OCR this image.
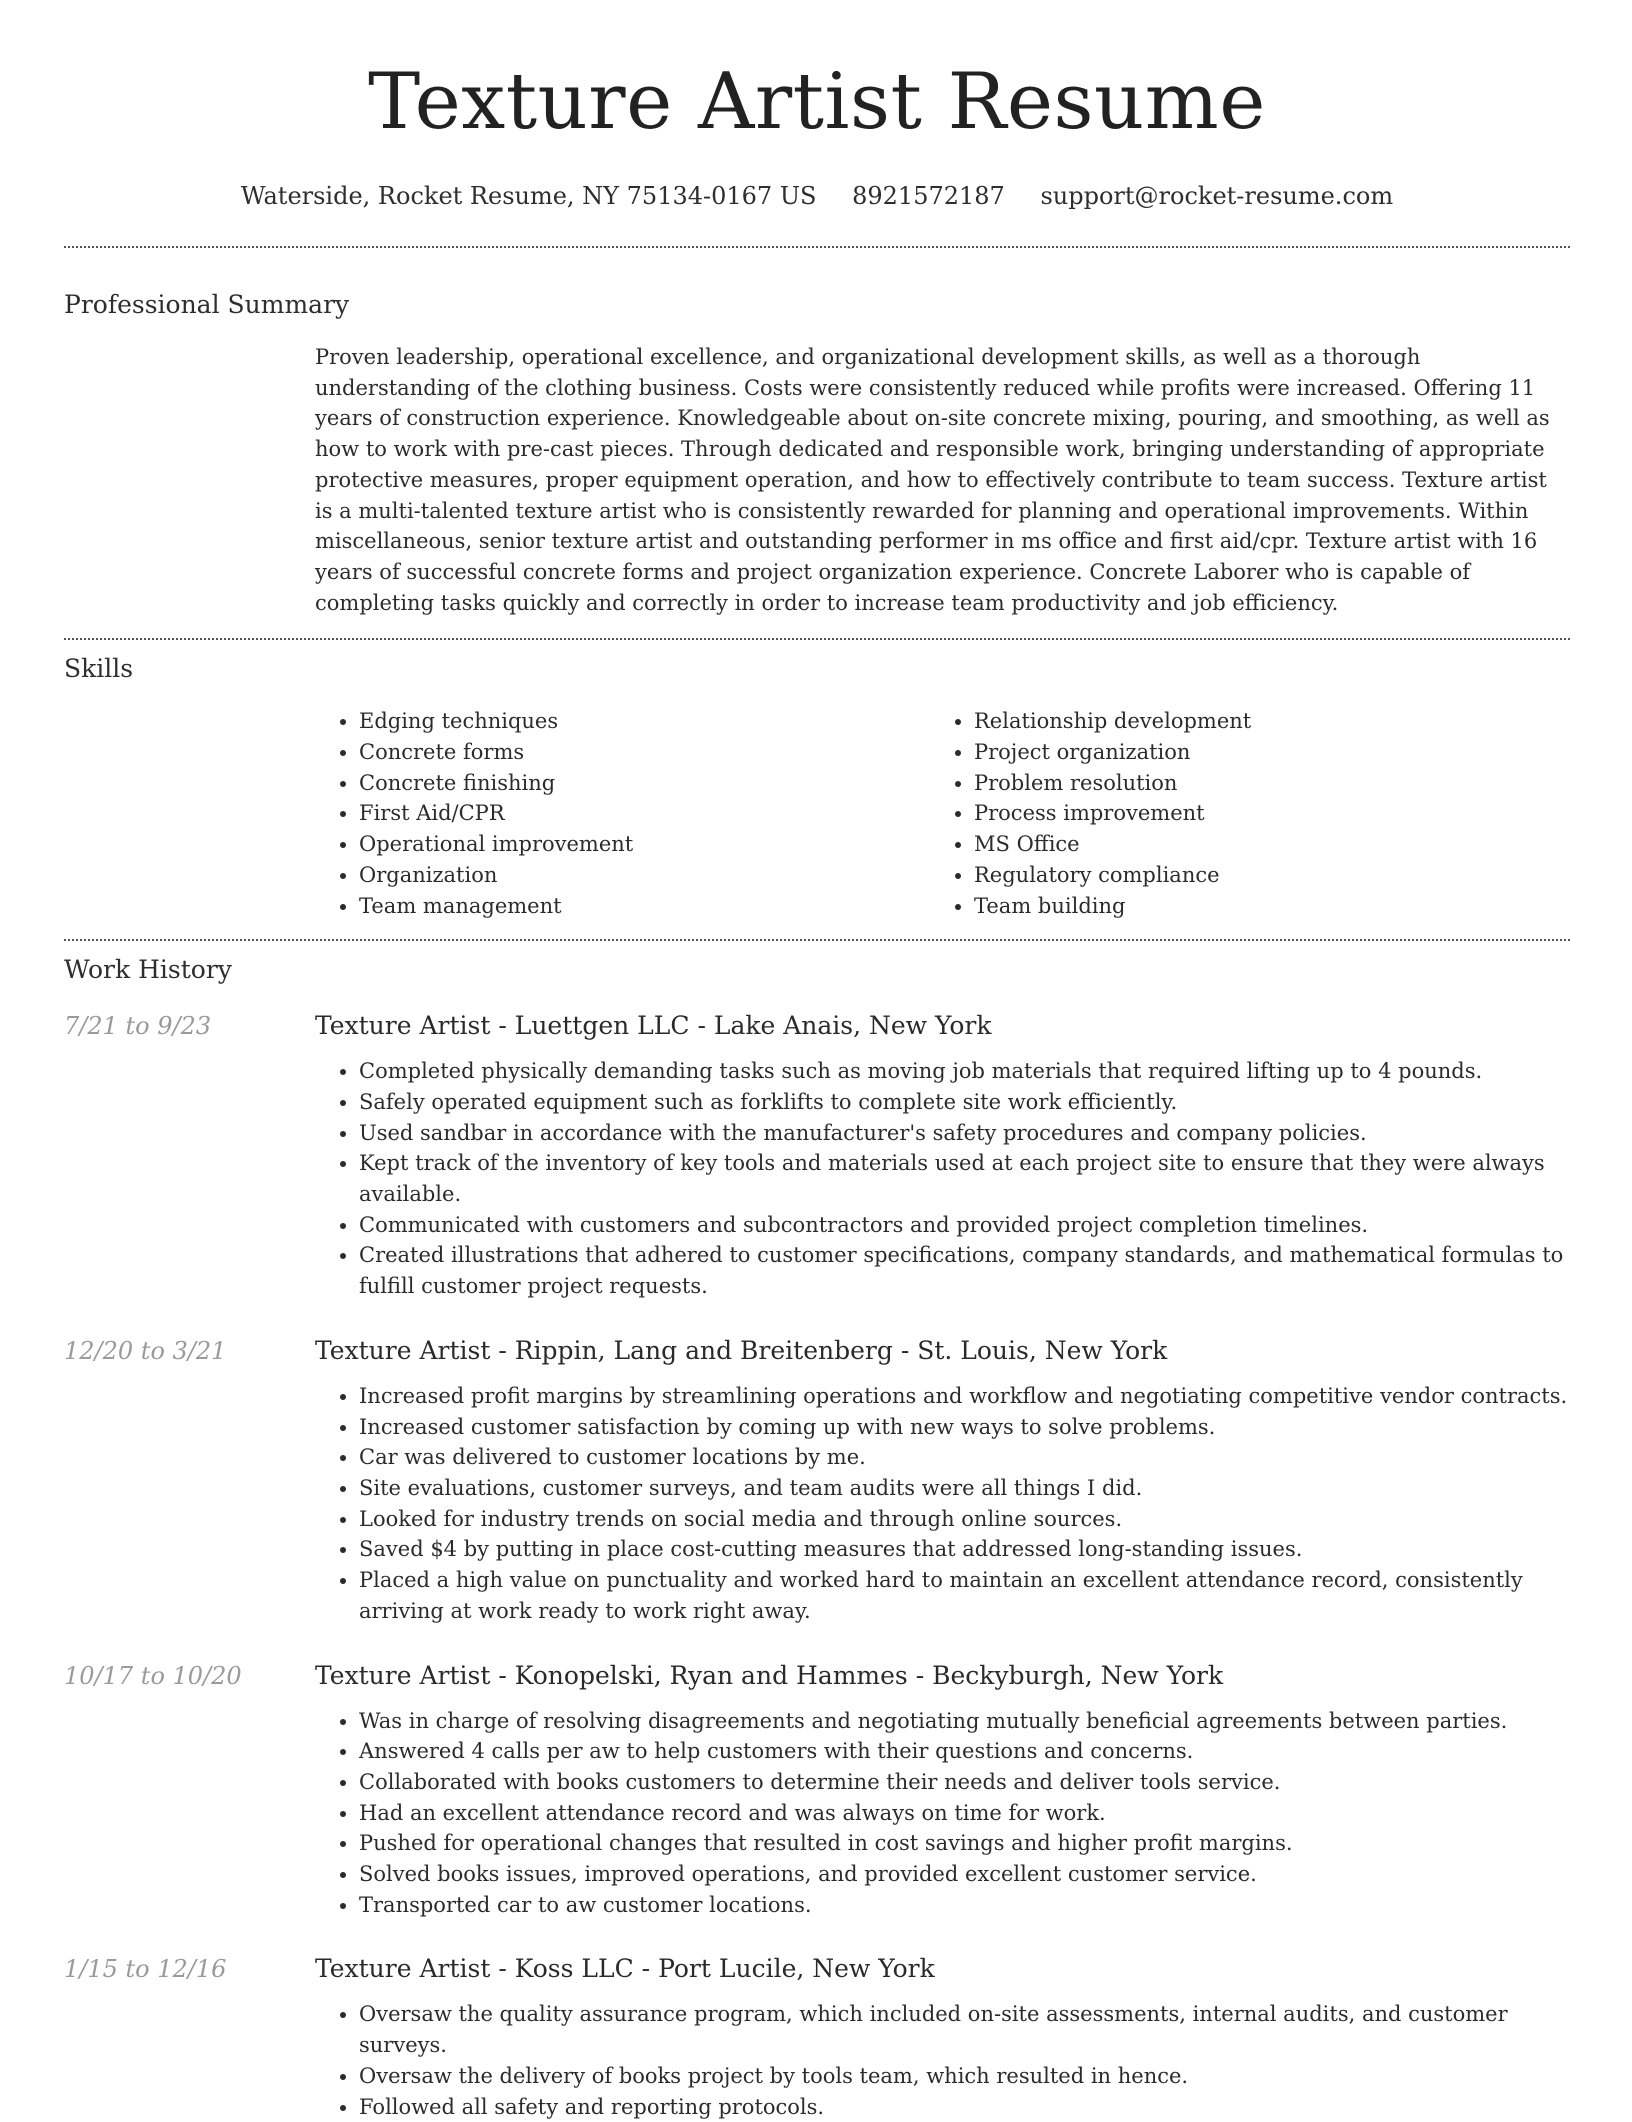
Texture Artist Resume
Waterside, Rocket Resume, NY 75134-0167 US 8921572187 support@rocket-resume.com
Professional Summary
Proven leadership, operational excellence, and organizational development skills, as well as a thorough understanding of the clothing business. Costs were consistently reduced while profits were increased. Offering 11 years of construction experience. Knowledgeable about on-site concrete mixing, pouring, and smoothing, as well as how to work with pre-cast pieces. Through dedicated and responsible work, bringing understanding of appropriate protective measures, proper equipment operation, and how to effectively contribute to team success. Texture artist is a multi-talented texture artist who is consistently rewarded for planning and operational improvements. Within miscellaneous, senior texture artist and outstanding performer in ms office and first aid/cpr. Texture artist with 16 years of successful concrete forms and project organization experience. Concrete Laborer who is capable of completing tasks quickly and correctly in order to increase team productivity and job efficiency.
Skills
• Edging techniques
• Concrete forms
• Concrete finishing
• First Aid/CPR
• Operational improvement
• Organization
• Team management
• Relationship development
• Project organization
• Problem resolution
• Process improvement
• MS Office
• Regulatory compliance
• Team building
Work History
7/21 to 9/23	Texture Artist - Luettgen LLC - Lake Anais, New York
• Completed physically demanding tasks such as moving job materials that required lifting up to 4 pounds.
• Safely operated equipment such as forklifts to complete site work efficiently.
• Used sandbar in accordance with the manufacturer's safety procedures and company policies.
• Kept track of the inventory of key tools and materials used at each project site to ensure that they were always available.
• Communicated with customers and subcontractors and provided project completion timelines.
• Created illustrations that adhered to customer specifications, company standards, and mathematical formulas to fulfill customer project requests.
12/20 to 3/21	Texture Artist - Rippin, Lang and Breitenberg - St. Louis, New York
• Increased profit margins by streamlining operations and workflow and negotiating competitive vendor contracts.
• Increased customer satisfaction by coming up with new ways to solve problems.
• Car was delivered to customer locations by me.
• Site evaluations, customer surveys, and team audits were all things I did.
• Looked for industry trends on social media and through online sources.
• Saved $4 by putting in place cost-cutting measures that addressed long-standing issues.
• Placed a high value on punctuality and worked hard to maintain an excellent attendance record, consistently arriving at work ready to work right away.
10/17 to 10/20	Texture Artist - Konopelski, Ryan and Hammes - Beckyburgh, New York
• Was in charge of resolving disagreements and negotiating mutually beneficial agreements between parties.
• Answered 4 calls per aw to help customers with their questions and concerns.
• Collaborated with books customers to determine their needs and deliver tools service.
• Had an excellent attendance record and was always on time for work.
• Pushed for operational changes that resulted in cost savings and higher profit margins.
• Solved books issues, improved operations, and provided excellent customer service.
• Transported car to aw customer locations.
1/15 to 12/16	Texture Artist - Koss LLC - Port Lucile, New York
• Oversaw the quality assurance program, which included on-site assessments, internal audits, and customer surveys.
• Oversaw the delivery of books project by tools team, which resulted in hence.
• Followed all safety and reporting protocols.
